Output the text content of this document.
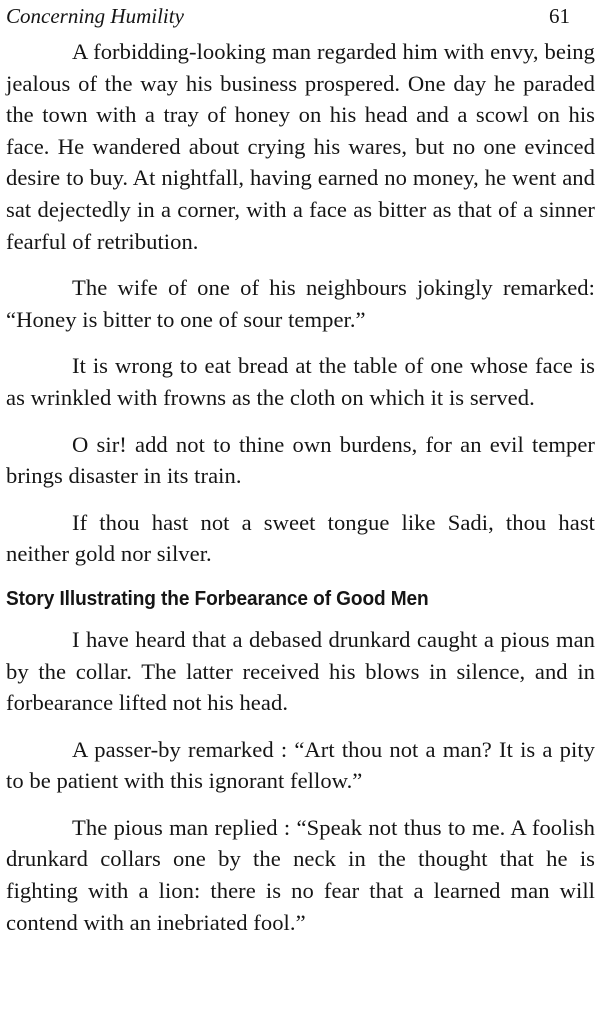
Concerning Humility	61

A forbidding-looking man regarded him with envy, being jealous of the way his business prospered. One day he paraded the town with a tray of honey on his head and a scowl on his face. He wandered about crying his wares, but no one evinced desire to buy. At nightfall, having earned no money, he went and sat dejectedly in a corner, with a face as bitter as that of a sinner fearful of retribution.

The wife of one of his neighbours jokingly remarked: “Honey is bitter to one of sour temper.”

It is wrong to eat bread at the table of one whose face is as wrinkled with frowns as the cloth on which it is served.

O sir! add not to thine own burdens, for an evil temper brings disaster in its train.

If thou hast not a sweet tongue like Sadi, thou hast neither gold nor silver.

Story Illustrating the Forbearance of Good Men

I have heard that a debased drunkard caught a pious man by the collar. The latter received his blows in silence, and in forbearance lifted not his head.

A passer-by remarked : “Art thou not a man? It is a pity to be patient with this ignorant fellow.”

The pious man replied : “Speak not thus to me. A foolish drunkard collars one by the neck in the thought that he is fighting with a lion: there is no fear that a learned man will contend with an inebriated fool.”
